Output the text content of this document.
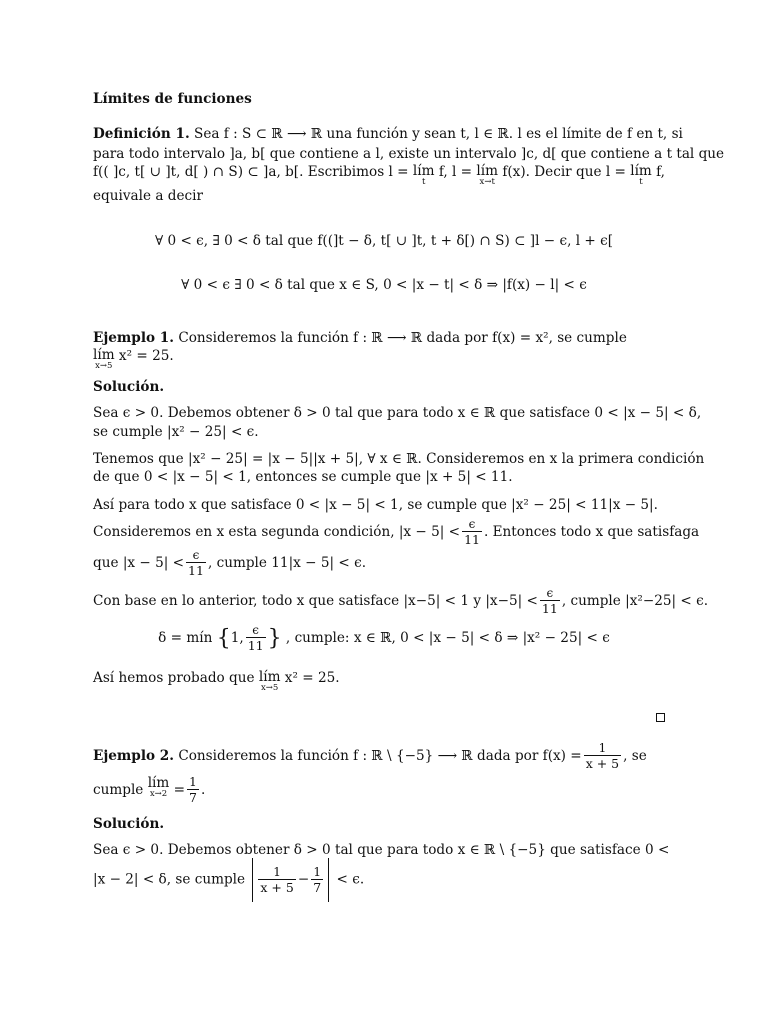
Límites de funciones
Definición 1. Sea f : S ⊂ ℝ ⟶ ℝ una función y sean t, l ∈ ℝ. l es el límite de f en t, si
para todo intervalo ]a, b[ que contiene a l, existe un intervalo ]c, d[ que contiene a t tal que
f(( ]c, t[ ∪ ]t, d[ ) ∩ S) ⊂ ]a, b[. Escribimos l = lím
t
f, l = lím
x→t
f(x). Decir que l = lím
t
f,
equivale a decir
∀ 0 < ϵ, ∃ 0 < δ tal que f((]t − δ, t[ ∪ ]t, t + δ[) ∩ S) ⊂ ]l − ϵ, l + ϵ[
∀ 0 < ϵ ∃ 0 < δ tal que x ∈ S, 0 < |x − t| < δ ⇒ |f(x) − l| < ϵ
Ejemplo 1. Consideremos la función f : ℝ ⟶ ℝ dada por f(x) = x², se cumple
lím
x→5
x² = 25.
Solución.
Sea ϵ > 0. Debemos obtener δ > 0 tal que para todo x ∈ ℝ que satisface 0 < |x − 5| < δ,
se cumple |x² − 25| < ϵ.
Tenemos que |x² − 25| = |x − 5||x + 5|, ∀ x ∈ ℝ. Consideremos en x la primera condición
de que 0 < |x − 5| < 1, entonces se cumple que |x + 5| < 11.
Así para todo x que satisface 0 < |x − 5| < 1, se cumple que |x² − 25| < 11|x − 5|.
Consideremos en x esta segunda condición, $|x - 5| < \frac{\epsilon}{11}$ . Entonces todo x que satisfaga
que $|x - 5| < \frac{\epsilon}{11}$ , cumple 11|x − 5| < ϵ.
Con base en lo anterior, todo x que satisface |x−5| < 1 y $|x-5| < \frac{\epsilon}{11}$ , cumple |x²−25| < ϵ.
δ = mín {1, $\frac{\epsilon}{11}$ } , cumple: x ∈ ℝ, 0 < |x − 5| < δ ⇒ |x² − 25| < ϵ
Así hemos probado que lím
x→5
x² = 25.
Ejemplo 2. Consideremos la función f : ℝ \ {−5} ⟶ ℝ dada por $f(x) = \frac{1}{x + 5}$ , se
cumple lím
$x\to 2 = \frac{1}{7}$ .
Solución.
Sea ϵ > 0. Debemos obtener δ > 0 tal que para todo x ∈ ℝ \ {−5} que satisface 0 <
|x − 2| < δ, se cumple $\frac{1}{x + 5} - \frac{1}{7} < \epsilon$.
